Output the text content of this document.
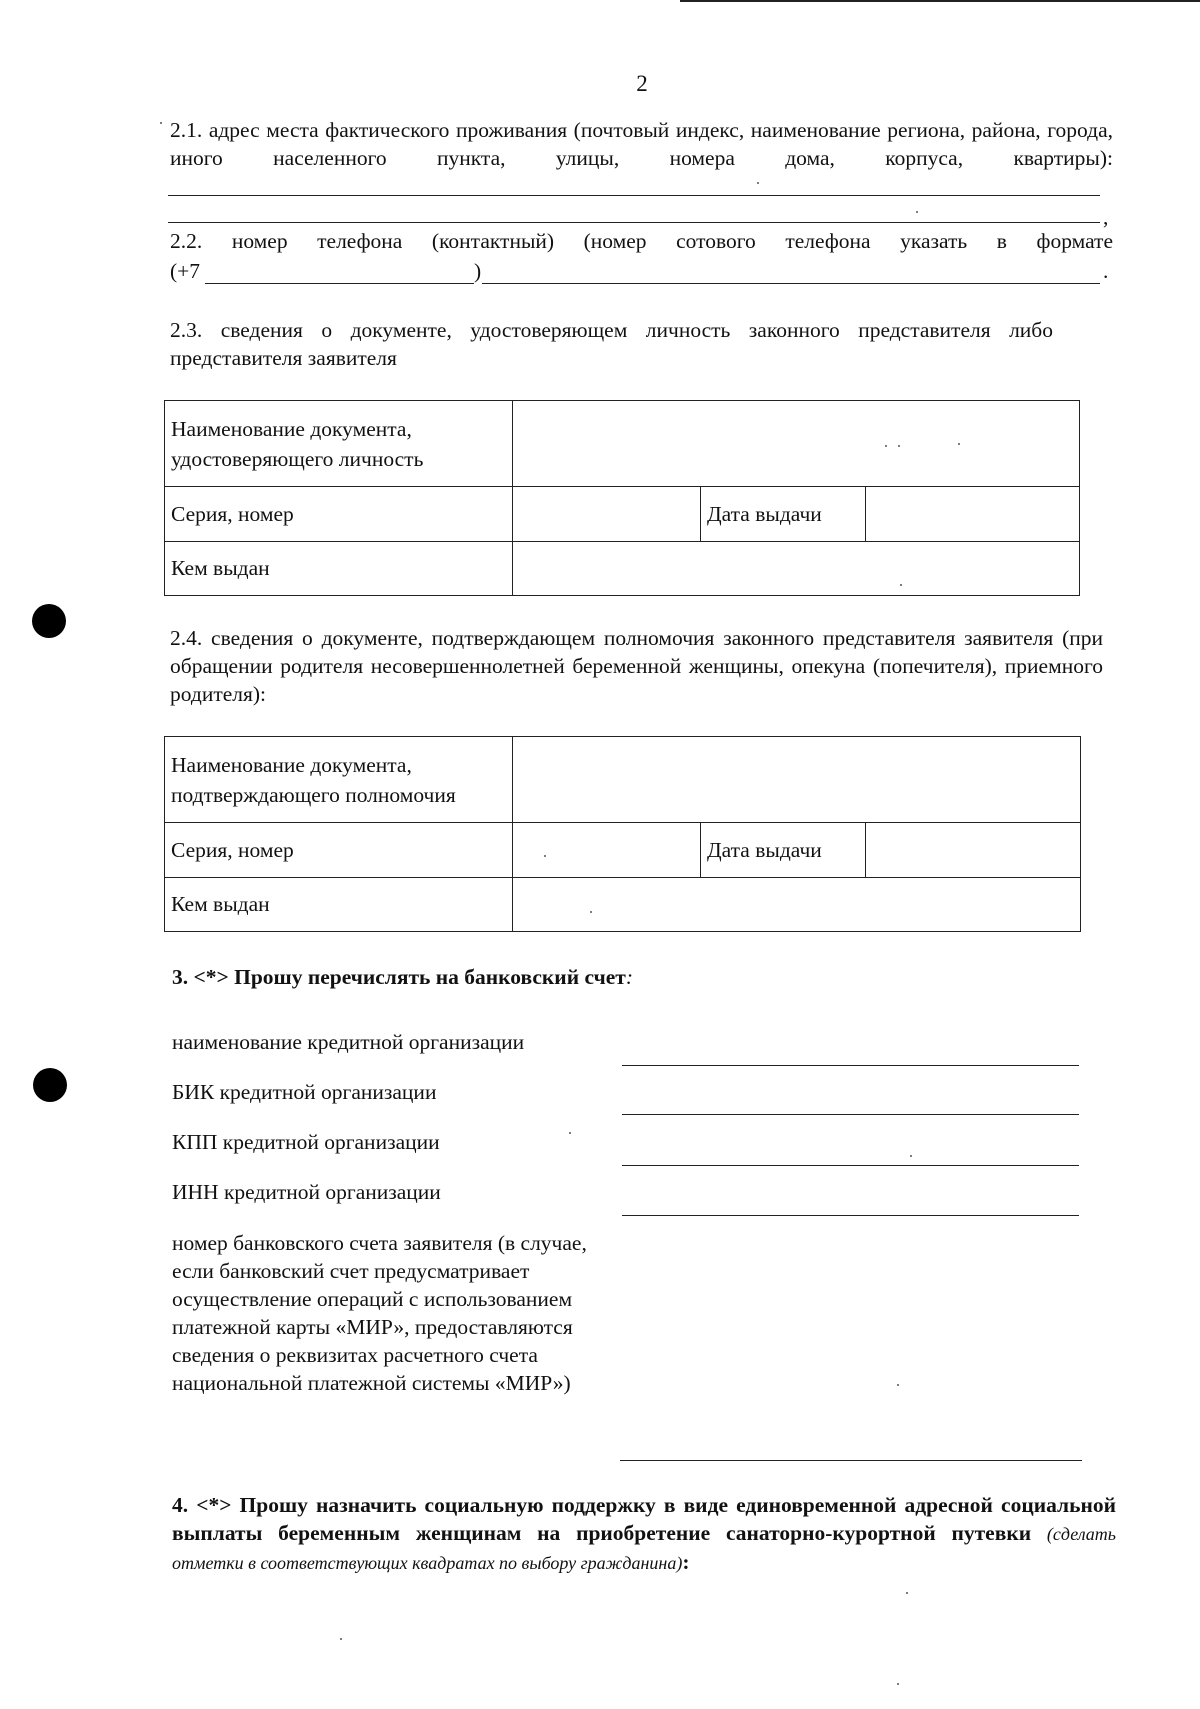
2
2.1. адрес места фактического проживания (почтовый индекс, наименование региона, района, города, иного населенного пункта, улицы, номера дома, корпуса, квартиры):
,
2.2. номер телефона (контактный) (номер сотового телефона указать в формате
(+7	)	.
2.3. сведения о документе, удостоверяющем личность законного представителя либо представителя заявителя
Наименование документа, удостоверяющего личность			
Серия, номер		Дата выдачи	
Кем выдан			
2.4. сведения о документе, подтверждающем полномочия законного представителя заявителя (при обращении родителя несовершеннолетней беременной женщины, опекуна (попечителя), приемного родителя):
Наименование документа, подтверждающего полномочия			
Серия, номер		Дата выдачи	
Кем выдан			
3. <*> Прошу перечислять на банковский счет:
наименование кредитной организации
БИК кредитной организации
КПП кредитной организации
ИНН кредитной организации
номер банковского счета заявителя (в случае, если банковский счет предусматривает осуществление операций с использованием платежной карты «МИР», предоставляются сведения о реквизитах расчетного счета национальной платежной системы «МИР»)
4. <*> Прошу назначить социальную поддержку в виде единовременной адресной социальной выплаты беременным женщинам на приобретение санаторно-курортной путевки (сделать отметки в соответствующих квадратах по выбору гражданина):
